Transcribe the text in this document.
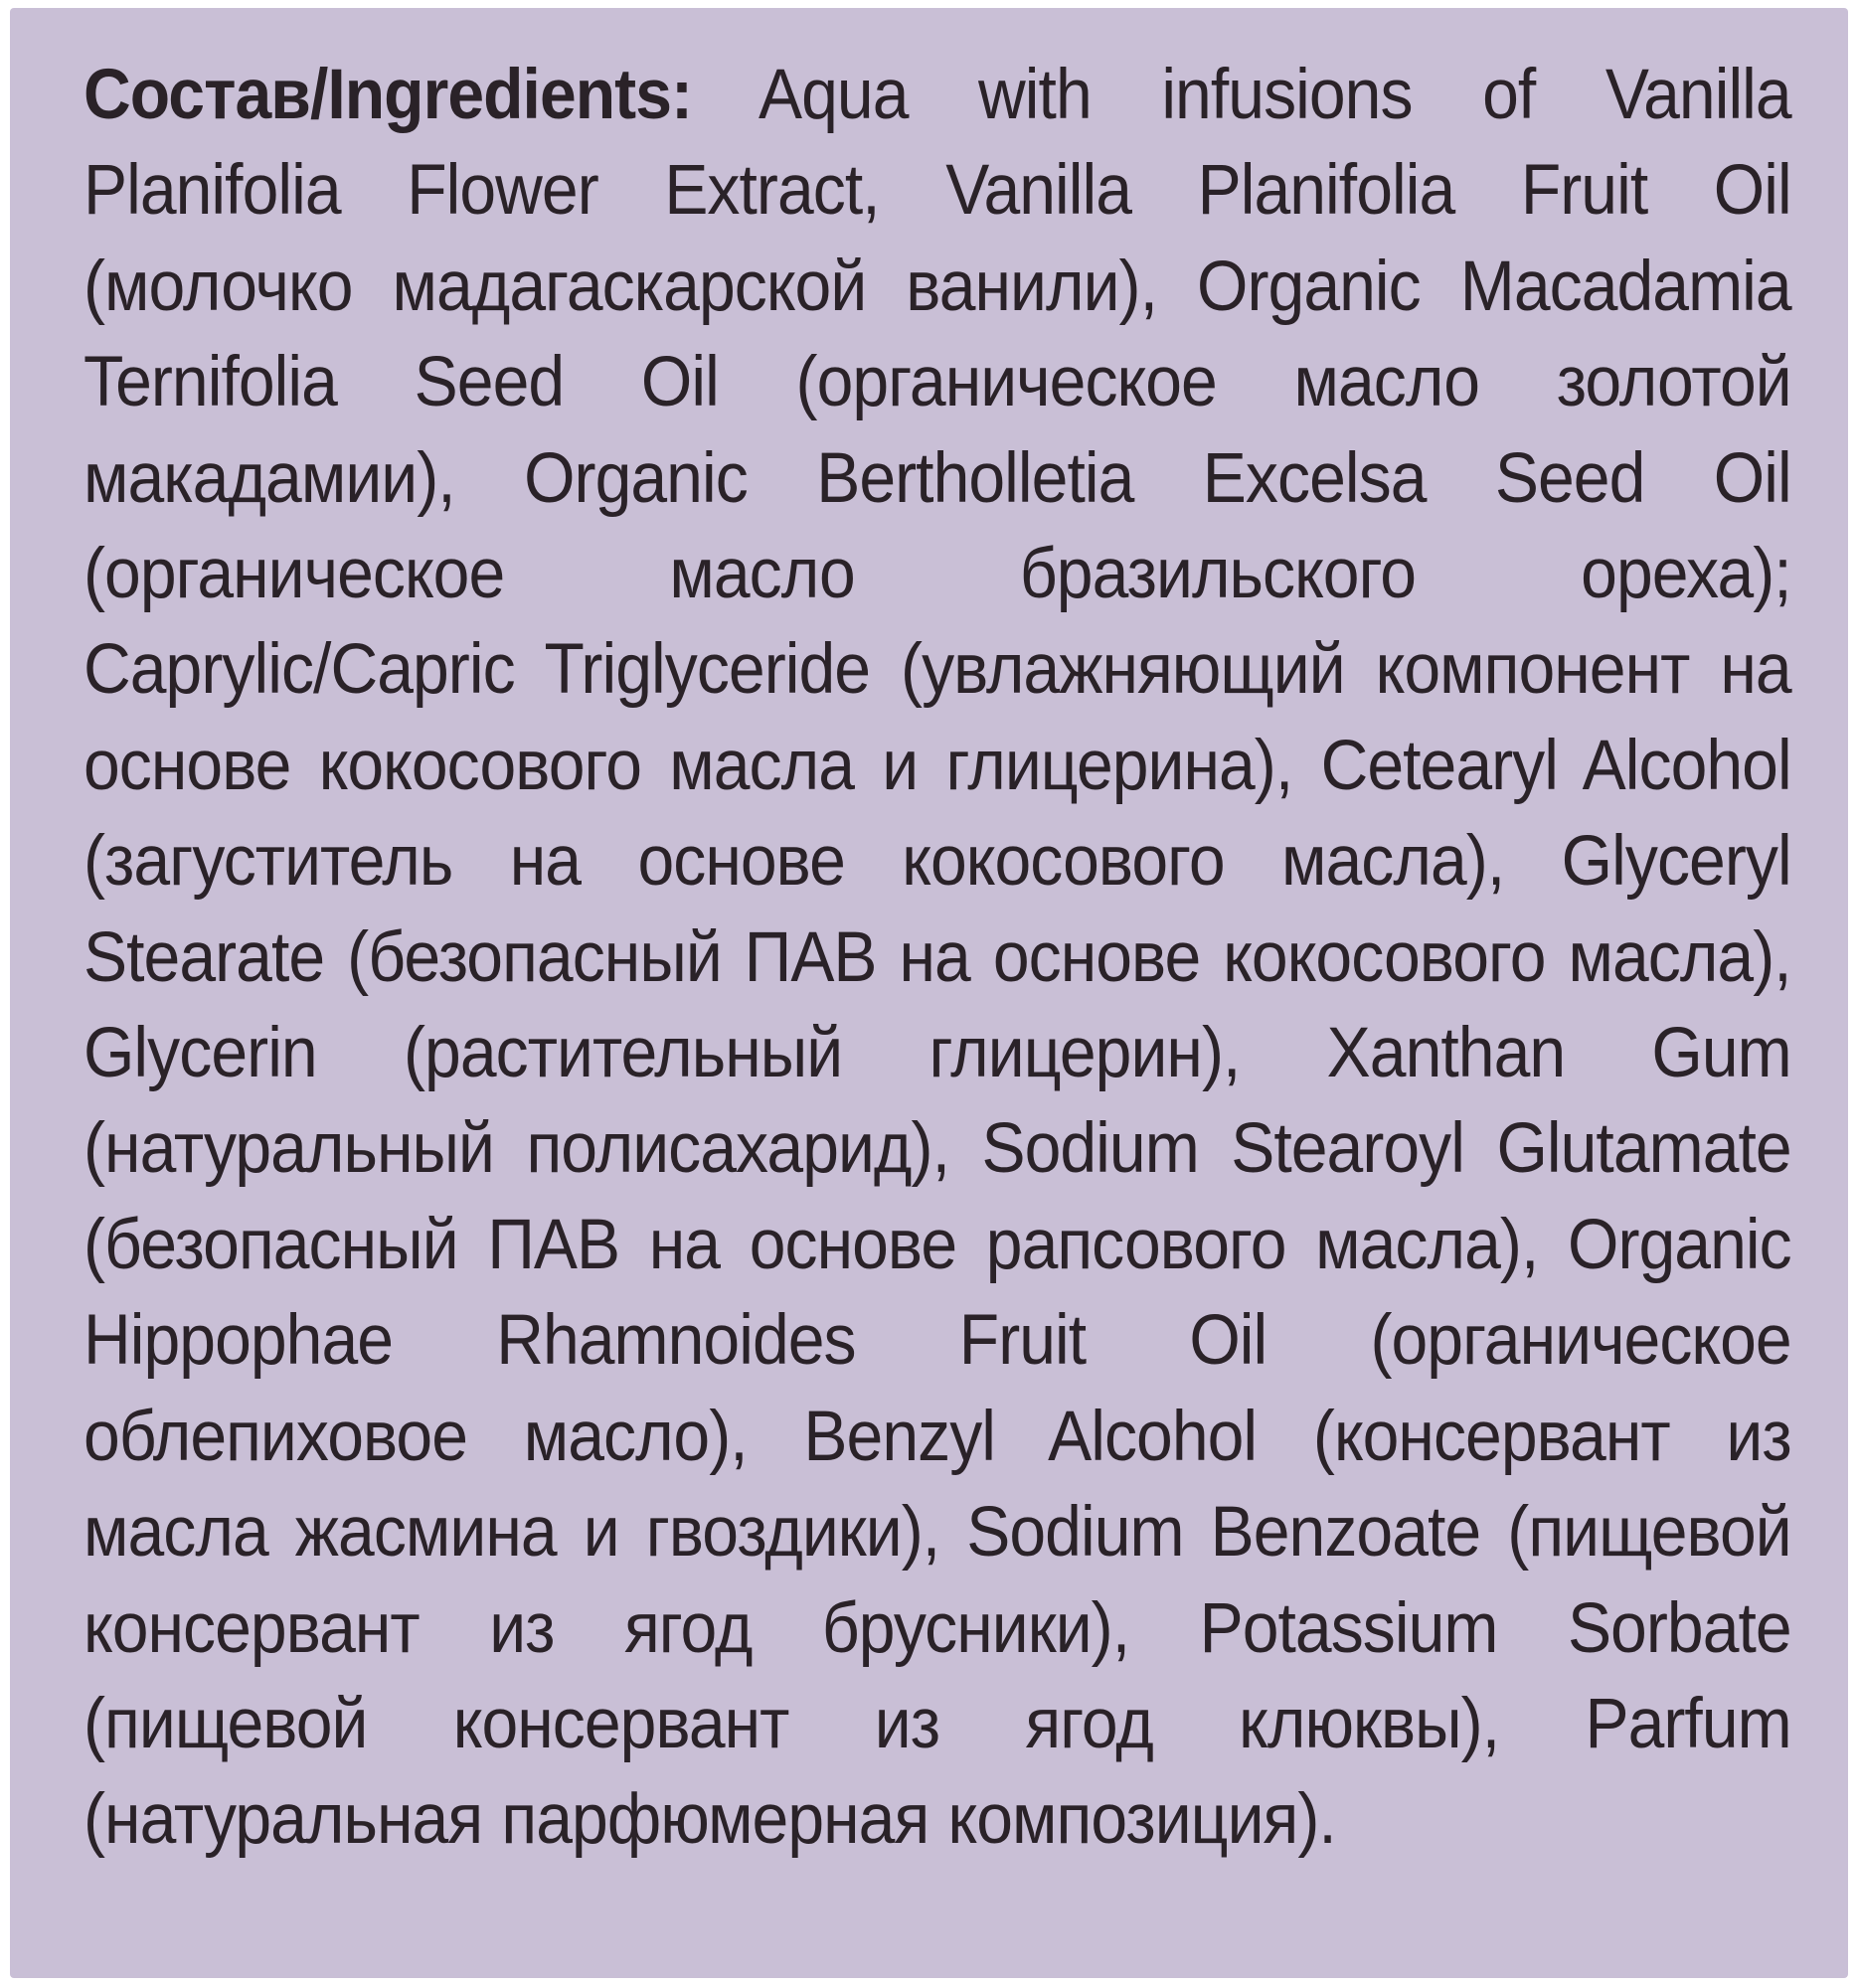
Состав/Ingredients: Aqua with infusions of Vanilla Planifolia Flower Extract, Vanilla Planifolia Fruit Oil (молочко мадагаскарской ванили), Organic Macadamia Ternifolia Seed Oil (органическое масло золотой макадамии), Organic Bertholletia Excelsa Seed Oil (органическое масло бразильского ореха); Caprylic/Capric Triglyceride (увлажняющий компонент на основе кокосового масла и глицерина), Cetearyl Alcohol (загуститель на основе кокосового масла), Glyceryl Stearate (безопасный ПАВ на основе кокосового масла), Glycerin (растительный глицерин), Xanthan Gum (натуральный полисахарид), Sodium Stearoyl Glutamate (безопасный ПАВ на основе рапсового масла), Organic Hippophae Rhamnoides Fruit Oil (органическое облепиховое масло), Benzyl Alcohol (консервант из масла жасмина и гвоздики), Sodium Benzoate (пищевой консервант из ягод брусники), Potassium Sorbate (пищевой консервант из ягод клюквы), Parfum (натуральная парфюмерная композиция).
